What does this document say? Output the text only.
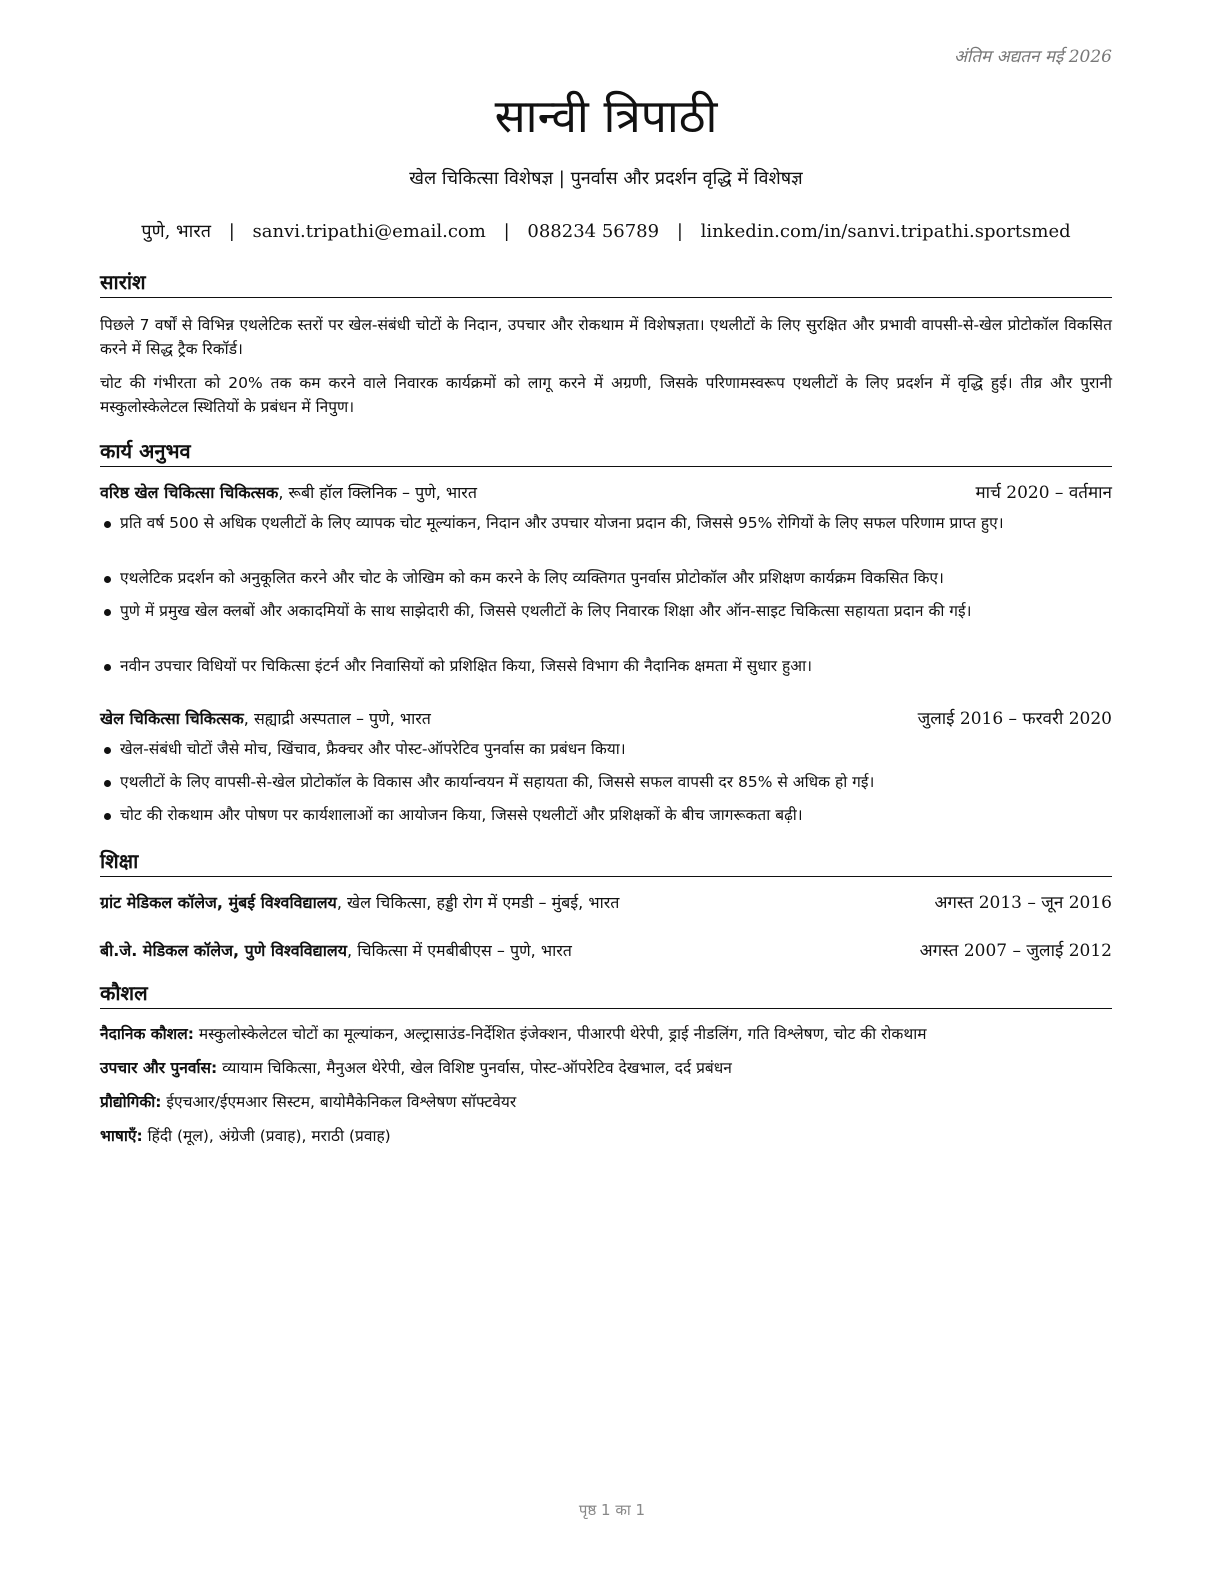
अंतिम अद्यतन मई 2026
सान्वी त्रिपाठी
खेल चिकित्सा विशेषज्ञ | पुनर्वास और प्रदर्शन वृद्धि में विशेषज्ञ
पुणे, भारत | sanvi.tripathi@email.com | 088234 56789 | linkedin.com/in/sanvi.tripathi.sportsmed
सारांश
पिछले 7 वर्षों से विभिन्न एथलेटिक स्तरों पर खेल-संबंधी चोटों के निदान, उपचार और रोकथाम में विशेषज्ञता। एथलीटों के लिए सुरक्षित और प्रभावी वापसी-से-खेल प्रोटोकॉल विकसित करने में सिद्ध ट्रैक रिकॉर्ड।
चोट की गंभीरता को 20% तक कम करने वाले निवारक कार्यक्रमों को लागू करने में अग्रणी, जिसके परिणामस्वरूप एथलीटों के लिए प्रदर्शन में वृद्धि हुई। तीव्र और पुरानी मस्कुलोस्केलेटल स्थितियों के प्रबंधन में निपुण।
कार्य अनुभव
वरिष्ठ खेल चिकित्सा चिकित्सक, रूबी हॉल क्लिनिक – पुणे, भारत	मार्च 2020 – वर्तमान
प्रति वर्ष 500 से अधिक एथलीटों के लिए व्यापक चोट मूल्यांकन, निदान और उपचार योजना प्रदान की, जिससे 95% रोगियों के लिए सफल परिणाम प्राप्त हुए।
एथलेटिक प्रदर्शन को अनुकूलित करने और चोट के जोखिम को कम करने के लिए व्यक्तिगत पुनर्वास प्रोटोकॉल और प्रशिक्षण कार्यक्रम विकसित किए।
पुणे में प्रमुख खेल क्लबों और अकादमियों के साथ साझेदारी की, जिससे एथलीटों के लिए निवारक शिक्षा और ऑन-साइट चिकित्सा सहायता प्रदान की गई।
नवीन उपचार विधियों पर चिकित्सा इंटर्न और निवासियों को प्रशिक्षित किया, जिससे विभाग की नैदानिक क्षमता में सुधार हुआ।
खेल चिकित्सा चिकित्सक, सह्याद्री अस्पताल – पुणे, भारत	जुलाई 2016 – फरवरी 2020
खेल-संबंधी चोटों जैसे मोच, खिंचाव, फ्रैक्चर और पोस्ट-ऑपरेटिव पुनर्वास का प्रबंधन किया।
एथलीटों के लिए वापसी-से-खेल प्रोटोकॉल के विकास और कार्यान्वयन में सहायता की, जिससे सफल वापसी दर 85% से अधिक हो गई।
चोट की रोकथाम और पोषण पर कार्यशालाओं का आयोजन किया, जिससे एथलीटों और प्रशिक्षकों के बीच जागरूकता बढ़ी।
शिक्षा
ग्रांट मेडिकल कॉलेज, मुंबई विश्वविद्यालय, खेल चिकित्सा, हड्डी रोग में एमडी – मुंबई, भारत	अगस्त 2013 – जून 2016
बी.जे. मेडिकल कॉलेज, पुणे विश्वविद्यालय, चिकित्सा में एमबीबीएस – पुणे, भारत	अगस्त 2007 – जुलाई 2012
कौशल
नैदानिक कौशल: मस्कुलोस्केलेटल चोटों का मूल्यांकन, अल्ट्रासाउंड-निर्देशित इंजेक्शन, पीआरपी थेरेपी, ड्राई नीडलिंग, गति विश्लेषण, चोट की रोकथाम
उपचार और पुनर्वास: व्यायाम चिकित्सा, मैनुअल थेरेपी, खेल विशिष्ट पुनर्वास, पोस्ट-ऑपरेटिव देखभाल, दर्द प्रबंधन
प्रौद्योगिकी: ईएचआर/ईएमआर सिस्टम, बायोमैकेनिकल विश्लेषण सॉफ्टवेयर
भाषाएँ: हिंदी (मूल), अंग्रेजी (प्रवाह), मराठी (प्रवाह)
पृष्ठ 1 का 1
